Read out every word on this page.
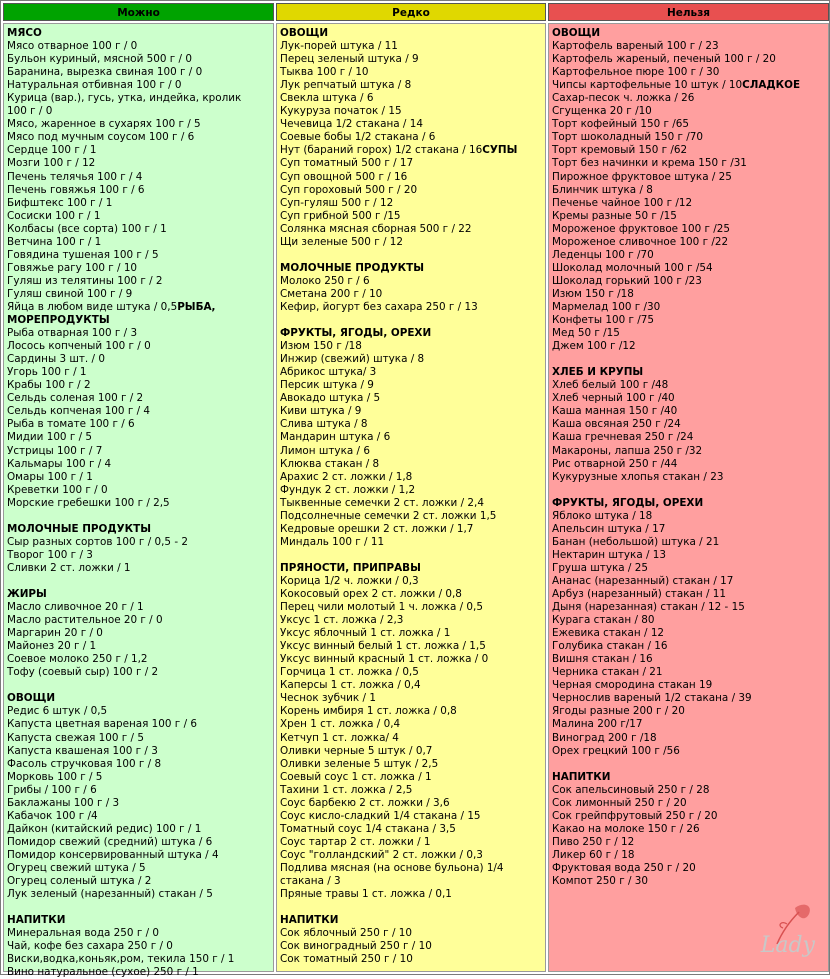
Можно	Редко	Нельзя
МЯСО
Мясо отварное 100 г / 0
Бульон куриный, мясной 500 г / 0
Баранина, вырезка свиная 100 г / 0
Натуральная отбивная 100 г / 0
Курица (вар.), гусь, утка, индейка, кролик
100 г / 0
Мясо, жаренное в сухарях 100 г / 5
Мясо под мучным соусом 100 г / 6
Сердце 100 г / 1
Мозги 100 г / 12
Печень телячья 100 г / 4
Печень говяжья 100 г / 6
Бифштекс 100 г / 1
Сосиски 100 г / 1
Колбасы (все сорта) 100 г / 1
Ветчина 100 г / 1
Говядина тушеная 100 г / 5
Говяжье рагу 100 г / 10
Гуляш из телятины 100 г / 2
Гуляш свиной 100 г / 9
Яйца в любом виде штука / 0,5РЫБА,
МОРЕПРОДУКТЫ
Рыба отварная 100 г / 3
Лосось копченый 100 г / 0
Сардины 3 шт. / 0
Угорь 100 г / 1
Крабы 100 г / 2
Сельдь соленая 100 г / 2
Сельдь копченая 100 г / 4
Рыба в томате 100 г / 6
Мидии 100 г / 5
Устрицы 100 г / 7
Кальмары 100 г / 4
Омары 100 г / 1
Креветки 100 г / 0
Морские гребешки 100 г / 2,5
МОЛОЧНЫЕ ПРОДУКТЫ
Сыр разных сортов 100 г / 0,5 - 2
Творог 100 г / 3
Сливки 2 ст. ложки / 1
ЖИРЫ
Масло сливочное 20 г / 1
Масло растительное 20 г / 0
Маргарин 20 г / 0
Майонез 20 г / 1
Соевое молоко 250 г / 1,2
Тофу (соевый сыр) 100 г / 2
ОВОЩИ
Редис 6 штук / 0,5
Капуста цветная вареная 100 г / 6
Капуста свежая 100 г / 5
Капуста квашеная 100 г / 3
Фасоль стручковая 100 г / 8
Морковь 100 г / 5
Грибы / 100 г / 6
Баклажаны 100 г / 3
Кабачок 100 г /4
Дайкон (китайский редис) 100 г / 1
Помидор свежий (средний) штука / 6
Помидор консервированный штука / 4
Огурец свежий штука / 5
Огурец соленый штука / 2
Лук зеленый (нарезанный) стакан / 5
НАПИТКИ
Минеральная вода 250 г / 0
Чай, кофе без сахара 250 г / 0
Виски,водка,коньяк,ром, текила 150 г / 1
Вино натуральное (сухое) 250 г / 1
ОВОЩИ
Лук-порей штука / 11
Перец зеленый штука / 9
Тыква 100 г / 10
Лук репчатый штука / 8
Свекла штука / 6
Кукуруза початок / 15
Чечевица 1/2 стакана / 14
Соевые бобы 1/2 стакана / 6
Нут (бараний горох) 1/2 стакана / 16СУПЫ
Суп томатный 500 г / 17
Суп овощной 500 г / 16
Суп гороховый 500 г / 20
Суп-гуляш 500 г / 12
Суп грибной 500 г /15
Солянка мясная сборная 500 г / 22
Щи зеленые 500 г / 12
МОЛОЧНЫЕ ПРОДУКТЫ
Молоко 250 г / 6
Сметана 200 г / 10
Кефир, йогурт без сахара 250 г / 13
ФРУКТЫ, ЯГОДЫ, ОРЕХИ
Изюм 150 г /18
Инжир (свежий) штука / 8
Абрикос штука/ 3
Персик штука / 9
Авокадо штука / 5
Киви штука / 9
Слива штука / 8
Мандарин штука / 6
Лимон штука / 6
Клюква стакан / 8
Арахис 2 ст. ложки / 1,8
Фундук 2 ст. ложки / 1,2
Тыквенные семечки 2 ст. ложки / 2,4
Подсолнечные семечки 2 ст. ложки 1,5
Кедровые орешки 2 ст. ложки / 1,7
Миндаль 100 г / 11
ПРЯНОСТИ, ПРИПРАВЫ
Корица 1/2 ч. ложки / 0,3
Кокосовый орех 2 ст. ложки / 0,8
Перец чили молотый 1 ч. ложка / 0,5
Уксус 1 ст. ложка / 2,3
Уксус яблочный 1 ст. ложка / 1
Уксус винный белый 1 ст. ложка / 1,5
Уксус винный красный 1 ст. ложка / 0
Горчица 1 ст. ложка / 0,5
Каперсы 1 ст. ложка / 0,4
Чеснок зубчик / 1
Корень имбиря 1 ст. ложка / 0,8
Хрен 1 ст. ложка / 0,4
Кетчуп 1 ст. ложка/ 4
Оливки черные 5 штук / 0,7
Оливки зеленые 5 штук / 2,5
Соевый соус 1 ст. ложка / 1
Тахини 1 ст. ложка / 2,5
Соус барбекю 2 ст. ложки / 3,6
Соус кисло-сладкий 1/4 стакана / 15
Томатный соус 1/4 стакана / 3,5
Соус тартар 2 ст. ложки / 1
Соус "голландский" 2 ст. ложки / 0,3
Подлива мясная (на основе бульона) 1/4
стакана / 3
Пряные травы 1 ст. ложка / 0,1
НАПИТКИ
Сок яблочный 250 г / 10
Сок виноградный 250 г / 10
Сок томатный 250 г / 10
ОВОЩИ
Картофель вареный 100 г / 23
Картофель жареный, печеный 100 г / 20
Картофельное пюре 100 г / 30
Чипсы картофельные 10 штук / 10СЛАДКОЕ
Сахар-песок ч. ложка / 26
Сгущенка 20 г /10
Торт кофейный 150 г /65
Торт шоколадный 150 г /70
Торт кремовый 150 г /62
Торт без начинки и крема 150 г /31
Пирожное фруктовое штука / 25
Блинчик штука / 8
Печенье чайное 100 г /12
Кремы разные 50 г /15
Мороженое фруктовое 100 г /25
Мороженое сливочное 100 г /22
Леденцы 100 г /70
Шоколад молочный 100 г /54
Шоколад горький 100 г /23
Изюм 150 г /18
Мармелад 100 г /30
Конфеты 100 г /75
Мед 50 г /15
Джем 100 г /12
ХЛЕБ И КРУПЫ
Хлеб белый 100 г /48
Хлеб черный 100 г /40
Каша манная 150 г /40
Каша овсяная 250 г /24
Каша гречневая 250 г /24
Макароны, лапша 250 г /32
Рис отварной 250 г /44
Кукурузные хлопья стакан / 23
ФРУКТЫ, ЯГОДЫ, ОРЕХИ
Яблоко штука / 18
Апельсин штука / 17
Банан (небольшой) штука / 21
Нектарин штука / 13
Груша штука / 25
Ананас (нарезанный) стакан / 17
Арбуз (нарезанный) стакан / 11
Дыня (нарезанная) стакан / 12 - 15
Курага стакан / 80
Ежевика стакан / 12
Голубика стакан / 16
Вишня стакан / 16
Черника стакан / 21
Черная смородина стакан 19
Чернослив вареный 1/2 стакана / 39
Ягоды разные 200 г / 20
Малина 200 г/17
Виноград 200 г /18
Орех грецкий 100 г /56
НАПИТКИ
Сок апельсиновый 250 г / 28
Сок лимонный 250 г / 20
Сок грейпфрутовый 250 г / 20
Какао на молоке 150 г / 26
Пиво 250 г / 12
Ликер 60 г / 18
Фруктовая вода 250 г / 20
Компот 250 г / 30
Lady
